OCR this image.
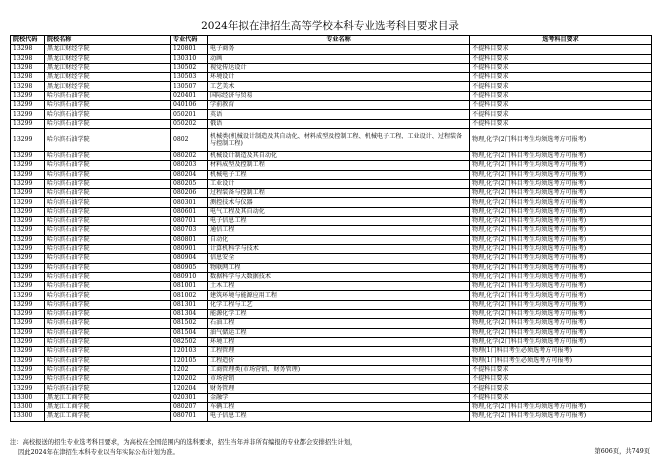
2024年拟在津招生高等学校本科专业选考科目要求目录
院校代码	院校名称	专业代码	专业名称	选考科目要求
13298	黑龙江财经学院	120801	电子商务	不提科目要求
13298	黑龙江财经学院	130310	动画	不提科目要求
13298	黑龙江财经学院	130502	视觉传达设计	不提科目要求
13298	黑龙江财经学院	130503	环境设计	不提科目要求
13298	黑龙江财经学院	130507	工艺美术	不提科目要求
13299	哈尔滨石油学院	020401	国际经济与贸易	不提科目要求
13299	哈尔滨石油学院	040106	学前教育	不提科目要求
13299	哈尔滨石油学院	050201	英语	不提科目要求
13299	哈尔滨石油学院	050202	俄语	不提科目要求
13299	哈尔滨石油学院	0802	机械类(机械设计制造及其自动化、材料成型及控制工程、机械电子工程、工业设计、过程装备与控制工程)	物理,化学(2门科目考生均须选考方可报考)
13299	哈尔滨石油学院	080202	机械设计制造及其自动化	物理,化学(2门科目考生均须选考方可报考)
13299	哈尔滨石油学院	080203	材料成型及控制工程	物理,化学(2门科目考生均须选考方可报考)
13299	哈尔滨石油学院	080204	机械电子工程	物理,化学(2门科目考生均须选考方可报考)
13299	哈尔滨石油学院	080205	工业设计	物理,化学(2门科目考生均须选考方可报考)
13299	哈尔滨石油学院	080206	过程装备与控制工程	物理,化学(2门科目考生均须选考方可报考)
13299	哈尔滨石油学院	080301	测控技术与仪器	物理,化学(2门科目考生均须选考方可报考)
13299	哈尔滨石油学院	080601	电气工程及其自动化	物理,化学(2门科目考生均须选考方可报考)
13299	哈尔滨石油学院	080701	电子信息工程	物理,化学(2门科目考生均须选考方可报考)
13299	哈尔滨石油学院	080703	通信工程	物理,化学(2门科目考生均须选考方可报考)
13299	哈尔滨石油学院	080801	自动化	物理,化学(2门科目考生均须选考方可报考)
13299	哈尔滨石油学院	080901	计算机科学与技术	物理,化学(2门科目考生均须选考方可报考)
13299	哈尔滨石油学院	080904	信息安全	物理,化学(2门科目考生均须选考方可报考)
13299	哈尔滨石油学院	080905	物联网工程	物理,化学(2门科目考生均须选考方可报考)
13299	哈尔滨石油学院	080910	数据科学与大数据技术	物理,化学(2门科目考生均须选考方可报考)
13299	哈尔滨石油学院	081001	土木工程	物理,化学(2门科目考生均须选考方可报考)
13299	哈尔滨石油学院	081002	建筑环境与能源应用工程	物理,化学(2门科目考生均须选考方可报考)
13299	哈尔滨石油学院	081301	化学工程与工艺	物理,化学(2门科目考生均须选考方可报考)
13299	哈尔滨石油学院	081304	能源化学工程	物理,化学(2门科目考生均须选考方可报考)
13299	哈尔滨石油学院	081502	石油工程	物理,化学(2门科目考生均须选考方可报考)
13299	哈尔滨石油学院	081504	油气储运工程	物理,化学(2门科目考生均须选考方可报考)
13299	哈尔滨石油学院	082502	环境工程	物理,化学(2门科目考生均须选考方可报考)
13299	哈尔滨石油学院	120103	工程管理	物理(1门科目考生必须选考方可报考)
13299	哈尔滨石油学院	120105	工程造价	物理(1门科目考生必须选考方可报考)
13299	哈尔滨石油学院	1202	工商管理类(市场营销、财务管理)	不提科目要求
13299	哈尔滨石油学院	120202	市场营销	不提科目要求
13299	哈尔滨石油学院	120204	财务管理	不提科目要求
13300	黑龙江工商学院	020301	金融学	不提科目要求
13300	黑龙江工商学院	080207	车辆工程	物理,化学(2门科目考生均须选考方可报考)
13300	黑龙江工商学院	080701	电子信息工程	物理,化学(2门科目考生均须选考方可报考)
注：高校报送的招生专业选考科目要求，为高校在全国范围内的选科要求，招生当年并非所有编报的专业都会安排招生计划，
因此2024年在津招生本科专业以当年实际公布计划为准。	第606页，共749页
